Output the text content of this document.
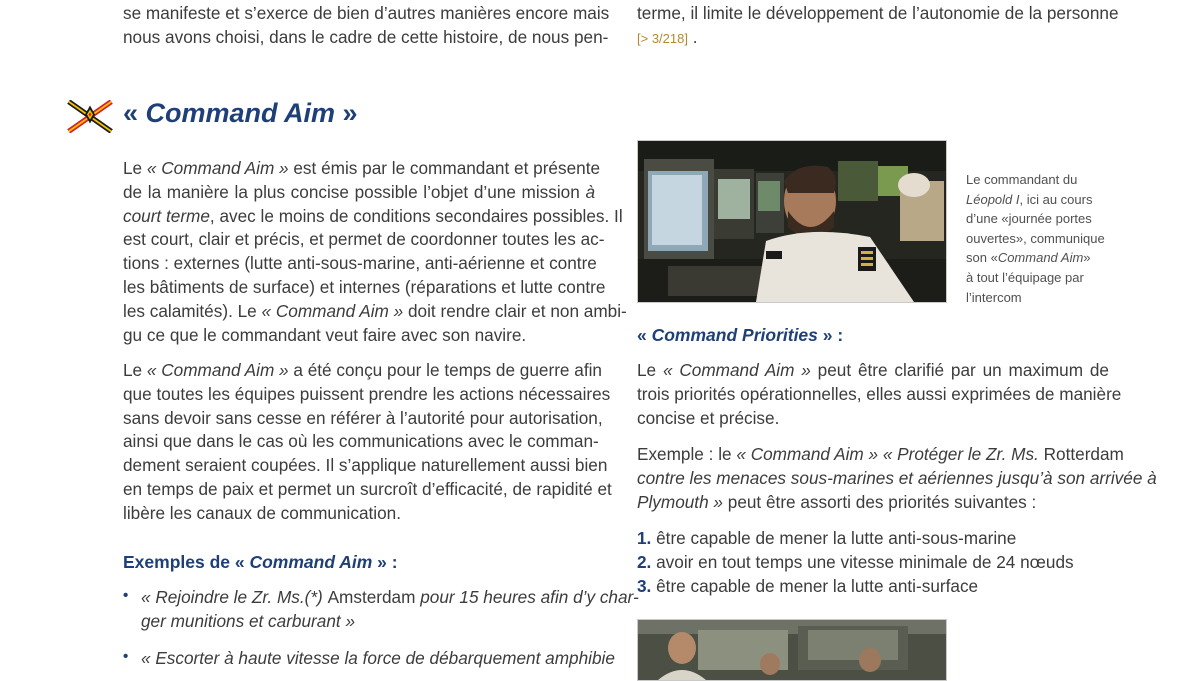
se manifeste et s’exerce de bien d’autres manières encore mais
nous avons choisi, dans le cadre de cette histoire, de nous pen-
terme, il limite le développement de l’autonomie de la personne
[> 3/218] .
« Command Aim »
Le « Command Aim » est émis par le commandant et présente
de la manière la plus concise possible l’objet d’une mission à
court terme, avec le moins de conditions secondaires possibles. Il
est court, clair et précis, et permet de coordonner toutes les ac-
tions : externes (lutte anti-sous-marine, anti-aérienne et contre
les bâtiments de surface) et internes (réparations et lutte contre
les calamités). Le « Command Aim » doit rendre clair et non ambi-
gu ce que le commandant veut faire avec son navire.
Le « Command Aim » a été conçu pour le temps de guerre afin
que toutes les équipes puissent prendre les actions nécessaires
sans devoir sans cesse en référer à l’autorité pour autorisation,
ainsi que dans le cas où les communications avec le comman-
dement seraient coupées. Il s’applique naturellement aussi bien
en temps de paix et permet un surcroît d’efficacité, de rapidité et
libère les canaux de communication.
Exemples de « Command Aim » :
• « Rejoindre le Zr. Ms.(*) Amsterdam pour 15 heures afin d’y char-
ger munitions et carburant »
• « Escorter à haute vitesse la force de débarquement amphibie
Le commandant du
Léopold I, ici au cours
d’une «journée portes
ouvertes», communique
son «Command Aim»
à tout l’équipage par
l’intercom
« Command Priorities » :
Le « Command Aim » peut être clarifié par un maximum de
trois priorités opérationnelles, elles aussi exprimées de manière
concise et précise.
Exemple : le « Command Aim » « Protéger le Zr. Ms. Rotterdam
contre les menaces sous-marines et aériennes jusqu’à son arrivée à
Plymouth » peut être assorti des priorités suivantes :
1. être capable de mener la lutte anti-sous-marine
2. avoir en tout temps une vitesse minimale de 24 nœuds
3. être capable de mener la lutte anti-surface
